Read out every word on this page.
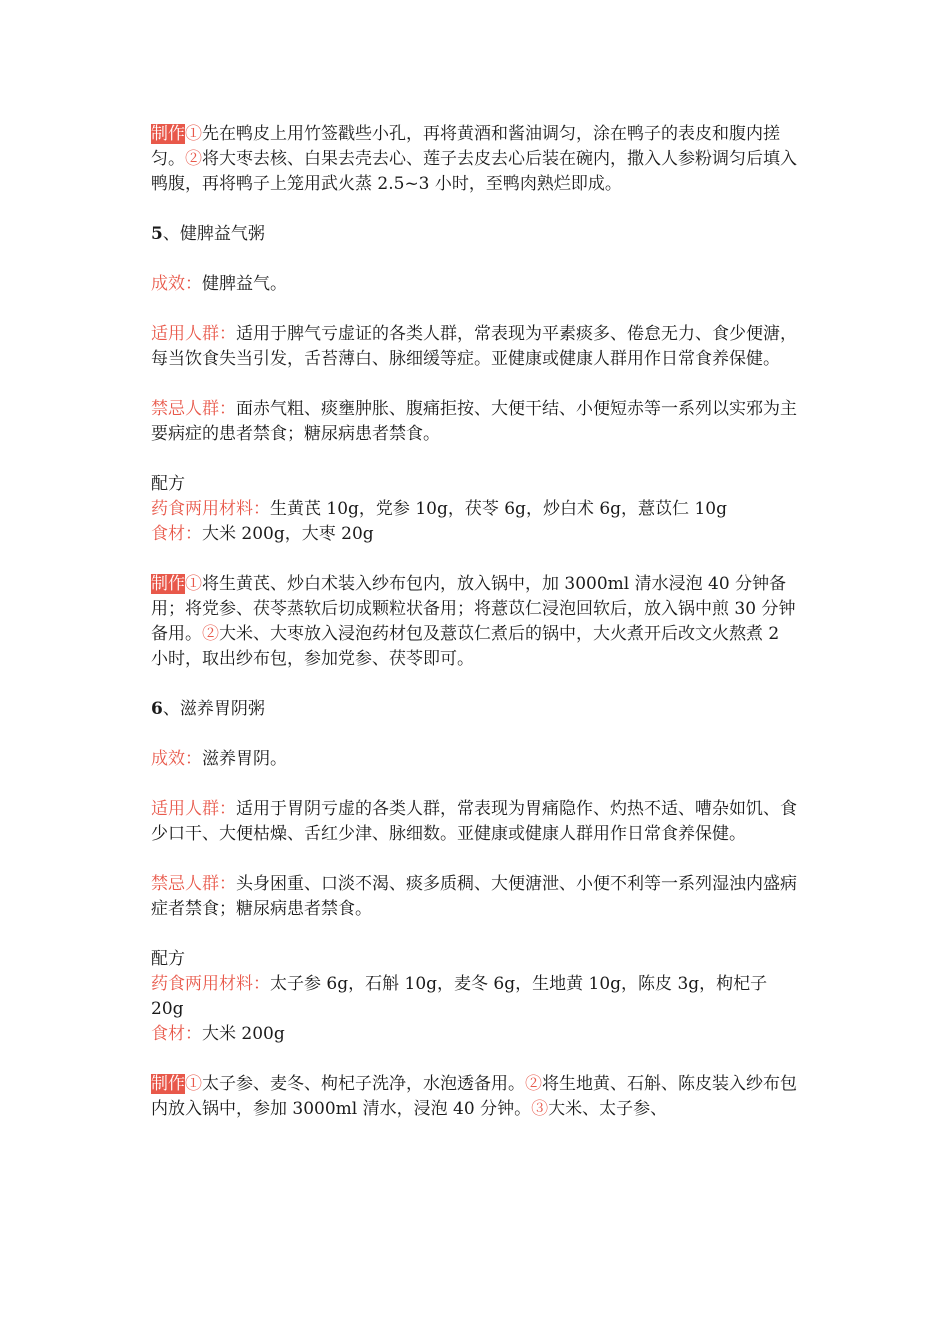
制作①先在鸭皮上用竹签戳些小孔，再将黄酒和酱油调匀，涂在鸭子的表皮和腹内搓匀。②将大枣去核、白果去壳去心、莲子去皮去心后装在碗内，撒入人参粉调匀后填入鸭腹，再将鸭子上笼用武火蒸 2.5~3 小时，至鸭肉熟烂即成。

5、健脾益气粥

成效：健脾益气。

适用人群：适用于脾气亏虚证的各类人群，常表现为平素痰多、倦怠无力、食少便溏，每当饮食失当引发，舌苔薄白、脉细缓等症。亚健康或健康人群用作日常食养保健。

禁忌人群：面赤气粗、痰壅肿胀、腹痛拒按、大便干结、小便短赤等一系列以实邪为主要病症的患者禁食；糖尿病患者禁食。

配方

药食两用材料：生黄芪 10g，党参 10g，茯苓 6g，炒白术 6g，薏苡仁 10g

食材：大米 200g，大枣 20g

制作①将生黄芪、炒白术装入纱布包内，放入锅中，加 3000ml 清水浸泡 40 分钟备用；将党参、茯苓蒸软后切成颗粒状备用；将薏苡仁浸泡回软后，放入锅中煎 30 分钟备用。②大米、大枣放入浸泡药材包及薏苡仁煮后的锅中，大火煮开后改文火熬煮 2 小时，取出纱布包，参加党参、茯苓即可。

6、滋养胃阴粥

成效：滋养胃阴。

适用人群：适用于胃阴亏虚的各类人群，常表现为胃痛隐作、灼热不适、嘈杂如饥、食少口干、大便枯燥、舌红少津、脉细数。亚健康或健康人群用作日常食养保健。

禁忌人群：头身困重、口淡不渴、痰多质稠、大便溏泄、小便不利等一系列湿浊内盛病症者禁食；糖尿病患者禁食。

配方

药食两用材料：太子参 6g，石斛 10g，麦冬 6g，生地黄 10g，陈皮 3g，枸杞子 20g

食材：大米 200g

制作①太子参、麦冬、枸杞子洗净，水泡透备用。②将生地黄、石斛、陈皮装入纱布包内放入锅中，参加 3000ml 清水，浸泡 40 分钟。③大米、太子参、
